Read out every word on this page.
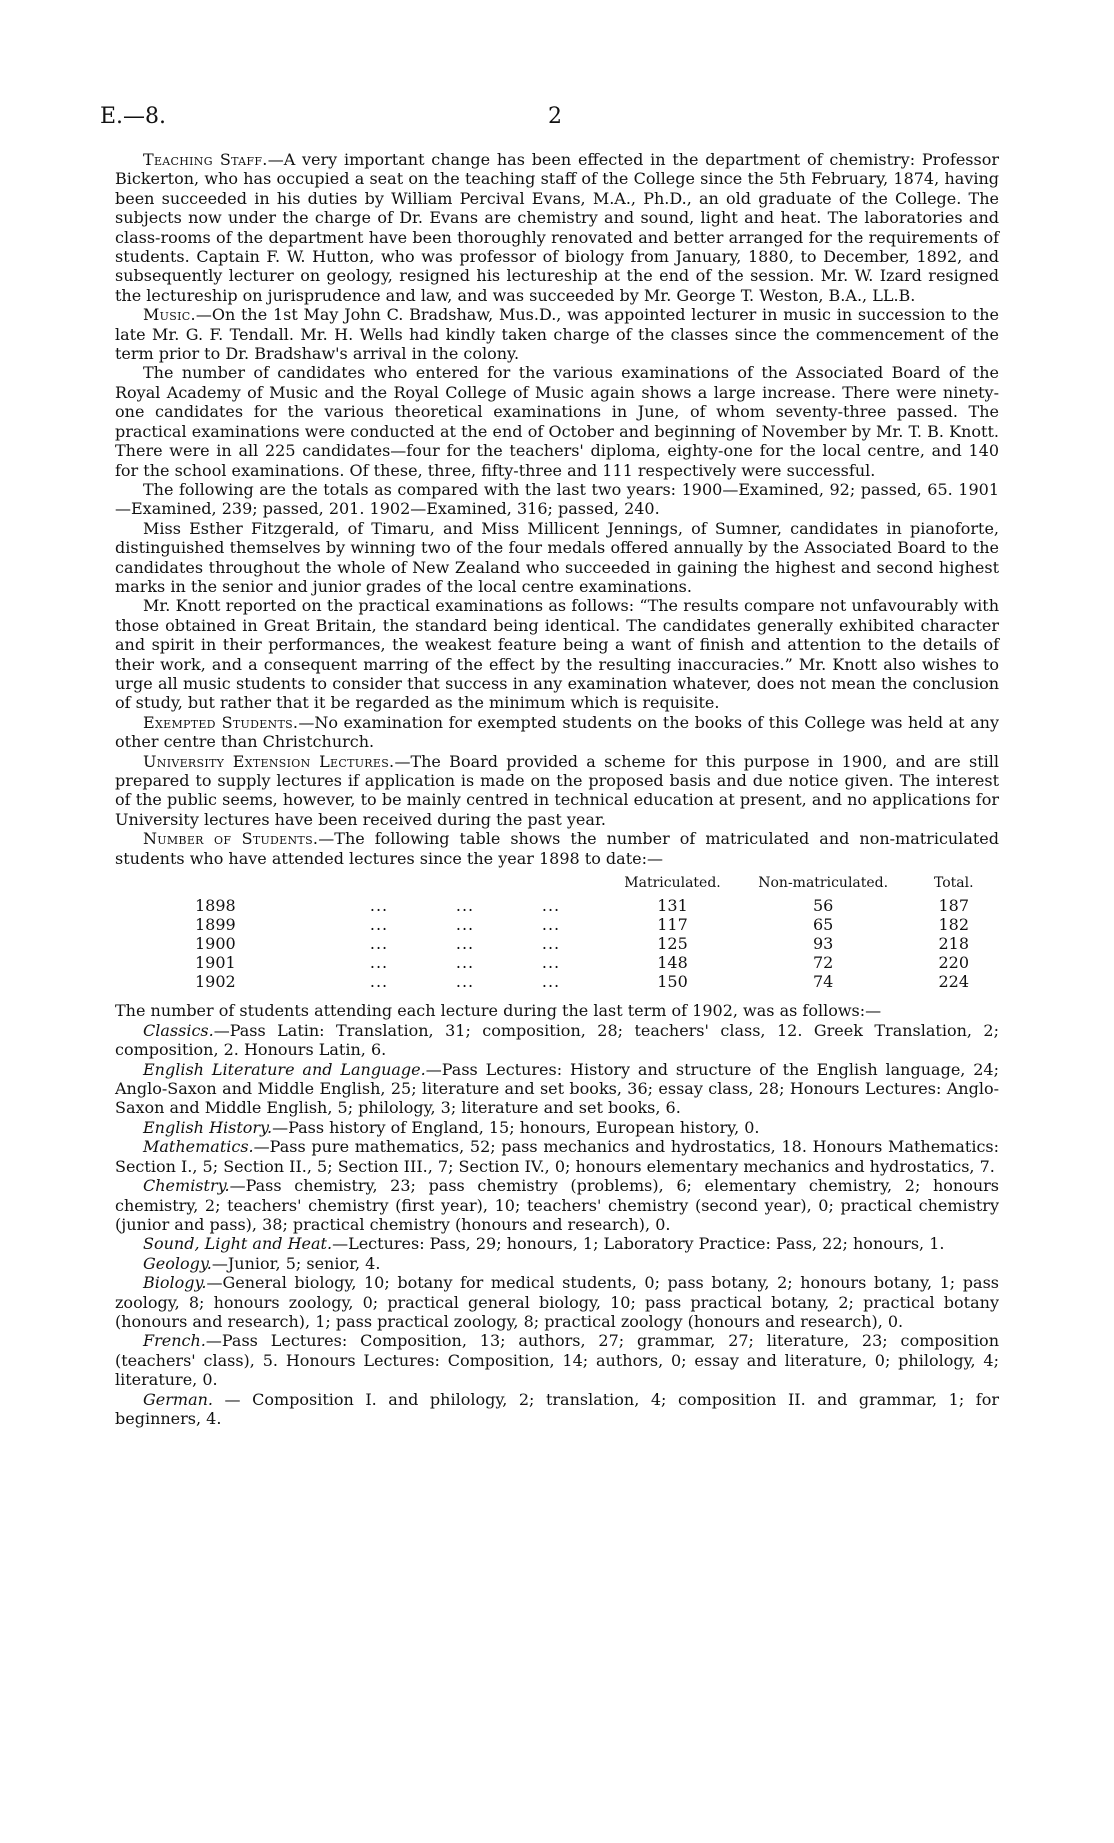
E.—8.	2

Teaching Staff.—A very important change has been effected in the department of chemistry: Professor Bickerton, who has occupied a seat on the teaching staff of the College since the 5th February, 1874, having been succeeded in his duties by William Percival Evans, M.A., Ph.D., an old graduate of the College. The subjects now under the charge of Dr. Evans are chemistry and sound, light and heat. The laboratories and class-rooms of the department have been thoroughly renovated and better arranged for the requirements of students. Captain F. W. Hutton, who was professor of biology from January, 1880, to December, 1892, and subsequently lecturer on geology, resigned his lectureship at the end of the session. Mr. W. Izard resigned the lectureship on jurisprudence and law, and was succeeded by Mr. George T. Weston, B.A., LL.B.

Music.—On the 1st May John C. Bradshaw, Mus.D., was appointed lecturer in music in succession to the late Mr. G. F. Tendall. Mr. H. Wells had kindly taken charge of the classes since the commencement of the term prior to Dr. Bradshaw's arrival in the colony.

The number of candidates who entered for the various examinations of the Associated Board of the Royal Academy of Music and the Royal College of Music again shows a large increase. There were ninety-one candidates for the various theoretical examinations in June, of whom seventy-three passed. The practical examinations were conducted at the end of October and beginning of November by Mr. T. B. Knott. There were in all 225 candidates—four for the teachers' diploma, eighty-one for the local centre, and 140 for the school examinations. Of these, three, fifty-three and 111 respectively were successful.

The following are the totals as compared with the last two years: 1900—Examined, 92; passed, 65. 1901—Examined, 239; passed, 201. 1902—Examined, 316; passed, 240.

Miss Esther Fitzgerald, of Timaru, and Miss Millicent Jennings, of Sumner, candidates in pianoforte, distinguished themselves by winning two of the four medals offered annually by the Associated Board to the candidates throughout the whole of New Zealand who succeeded in gaining the highest and second highest marks in the senior and junior grades of the local centre examinations.

Mr. Knott reported on the practical examinations as follows: “The results compare not unfavourably with those obtained in Great Britain, the standard being identical. The candidates generally exhibited character and spirit in their performances, the weakest feature being a want of finish and attention to the details of their work, and a consequent marring of the effect by the resulting inaccuracies.” Mr. Knott also wishes to urge all music students to consider that success in any examination whatever, does not mean the conclusion of study, but rather that it be regarded as the minimum which is requisite.

Exempted Students.—No examination for exempted students on the books of this College was held at any other centre than Christchurch.

University Extension Lectures.—The Board provided a scheme for this purpose in 1900, and are still prepared to supply lectures if application is made on the proposed basis and due notice given. The interest of the public seems, however, to be mainly centred in technical education at present, and no applications for University lectures have been received during the past year.

Number of Students.—The following table shows the number of matriculated and non-matriculated students who have attended lectures since the year 1898 to date:—

		Matriculated.	Non-matriculated.	Total.
1898	... ... ...	131	56	187
1899	... ... ...	117	65	182
1900	... ... ...	125	93	218
1901	... ... ...	148	72	220
1902	... ... ...	150	74	224

The number of students attending each lecture during the last term of 1902, was as follows:—

Classics.—Pass Latin: Translation, 31; composition, 28; teachers' class, 12. Greek Translation, 2; composition, 2. Honours Latin, 6.

English Literature and Language.—Pass Lectures: History and structure of the English language, 24; Anglo-Saxon and Middle English, 25; literature and set books, 36; essay class, 28; Honours Lectures: Anglo-Saxon and Middle English, 5; philology, 3; literature and set books, 6.

English History.—Pass history of England, 15; honours, European history, 0.

Mathematics.—Pass pure mathematics, 52; pass mechanics and hydrostatics, 18. Honours Mathematics: Section I., 5; Section II., 5; Section III., 7; Section IV., 0; honours elementary mechanics and hydrostatics, 7.

Chemistry.—Pass chemistry, 23; pass chemistry (problems), 6; elementary chemistry, 2; honours chemistry, 2; teachers' chemistry (first year), 10; teachers' chemistry (second year), 0; practical chemistry (junior and pass), 38; practical chemistry (honours and research), 0.

Sound, Light and Heat.—Lectures: Pass, 29; honours, 1; Laboratory Practice: Pass, 22; honours, 1.

Geology.—Junior, 5; senior, 4.

Biology.—General biology, 10; botany for medical students, 0; pass botany, 2; honours botany, 1; pass zoology, 8; honours zoology, 0; practical general biology, 10; pass practical botany, 2; practical botany (honours and research), 1; pass practical zoology, 8; practical zoology (honours and research), 0.

French.—Pass Lectures: Composition, 13; authors, 27; grammar, 27; literature, 23; composition (teachers' class), 5. Honours Lectures: Composition, 14; authors, 0; essay and literature, 0; philology, 4; literature, 0.

German. — Composition I. and philology, 2; translation, 4; composition II. and grammar, 1; for beginners, 4.
